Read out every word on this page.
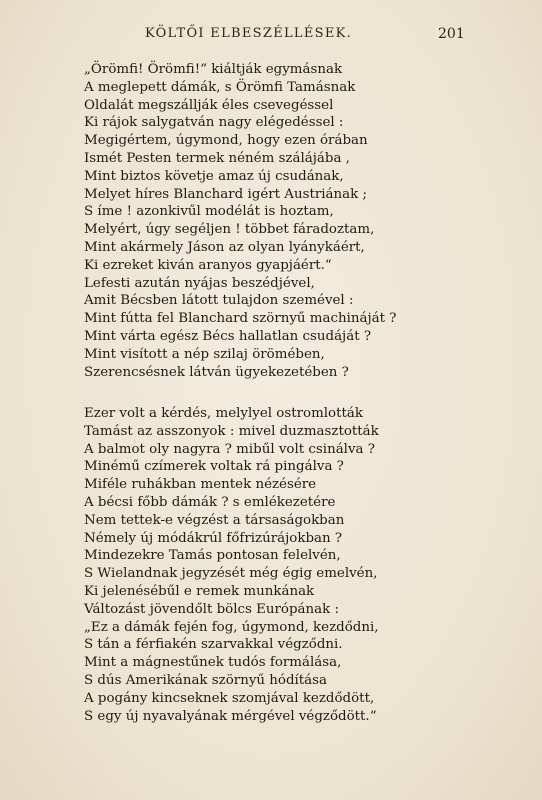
KÖLTŐI ELBESZÉLLÉSEK.	201
„Örömfi! Örömfi!“ kiáltják egymásnak
A meglepett dámák, s Örömfi Tamásnak
Oldalát megszállják éles csevegéssel
Ki rájok salygatván nagy elégedéssel :
Megigértem, úgymond, hogy ezen órában
Ismét Pesten termek néném szálájába ,
Mint biztos követje amaz új csudának,
Melyet híres Blanchard igért Austriának ;
S íme ! azonkivűl modélát is hoztam,
Melyért, úgy segéljen ! többet fáradoztam,
Mint akármely Jáson az olyan lyánykáért,
Ki ezreket kiván aranyos gyapjáért.“
Lefesti azután nyájas beszédjével,
Amit Bécsben látott tulajdon szemével :
Mint fútta fel Blanchard szörnyű machináját ?
Mint várta egész Bécs hallatlan csudáját ?
Mint visított a nép szilaj örömében,
Szerencsésnek látván ügyekezetében ?
Ezer volt a kérdés, melylyel ostromlották
Tamást az asszonyok : mivel duzmasztották
A balmot oly nagyra ? mibűl volt csinálva ?
Minémű czímerek voltak rá pingálva ?
Miféle ruhákban mentek nézésére
A bécsi főbb dámák ? s emlékezetére
Nem tettek-e végzést a társaságokban
Némely új módákrúl főfrizúrájokban ?
Mindezekre Tamás pontosan felelvén,
S Wielandnak jegyzését még égig emelvén,
Ki jelenésébűl e remek munkának
Változást jövendőlt bölcs Európának :
„Ez a dámák fején fog, úgymond, kezdődni,
S tán a férfiakén szarvakkal végződni.
Mint a mágnestűnek tudós formálása,
S dús Amerikának szörnyű hódítása
A pogány kincseknek szomjával kezdődött,
S egy új nyavalyának mérgével végződött.“
